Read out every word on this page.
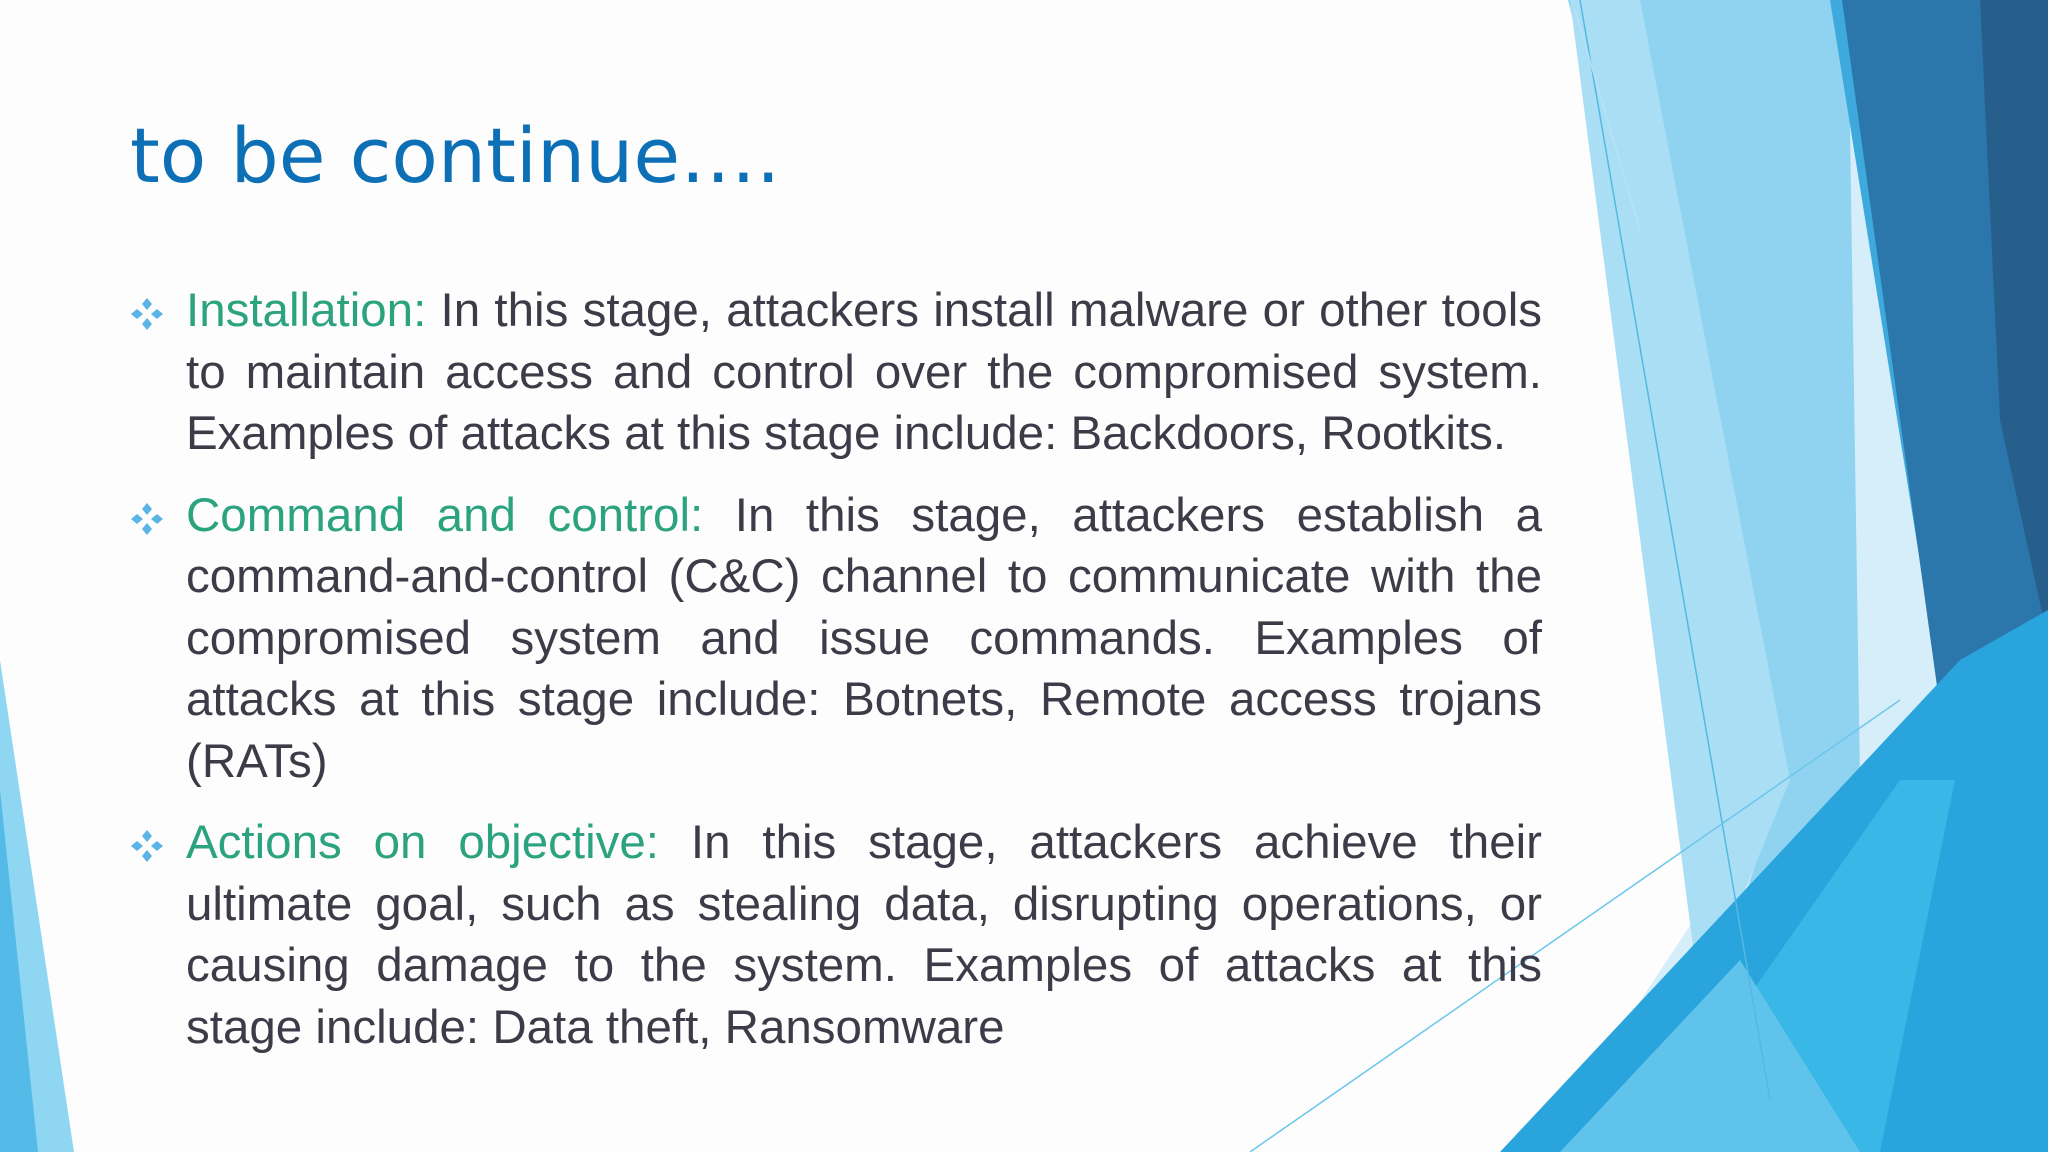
to be continue….
Installation: In this stage, attackers install malware or other tools to maintain access and control over the compromised system. Examples of attacks at this stage include: Backdoors, Rootkits.
Command and control: In this stage, attackers establish a command-and-control (C&C) channel to communicate with the compromised system and issue commands. Examples of attacks at this stage include: Botnets, Remote access trojans (RATs)
Actions on objective: In this stage, attackers achieve their ultimate goal, such as stealing data, disrupting operations, or causing damage to the system. Examples of attacks at this stage include: Data theft, Ransomware
